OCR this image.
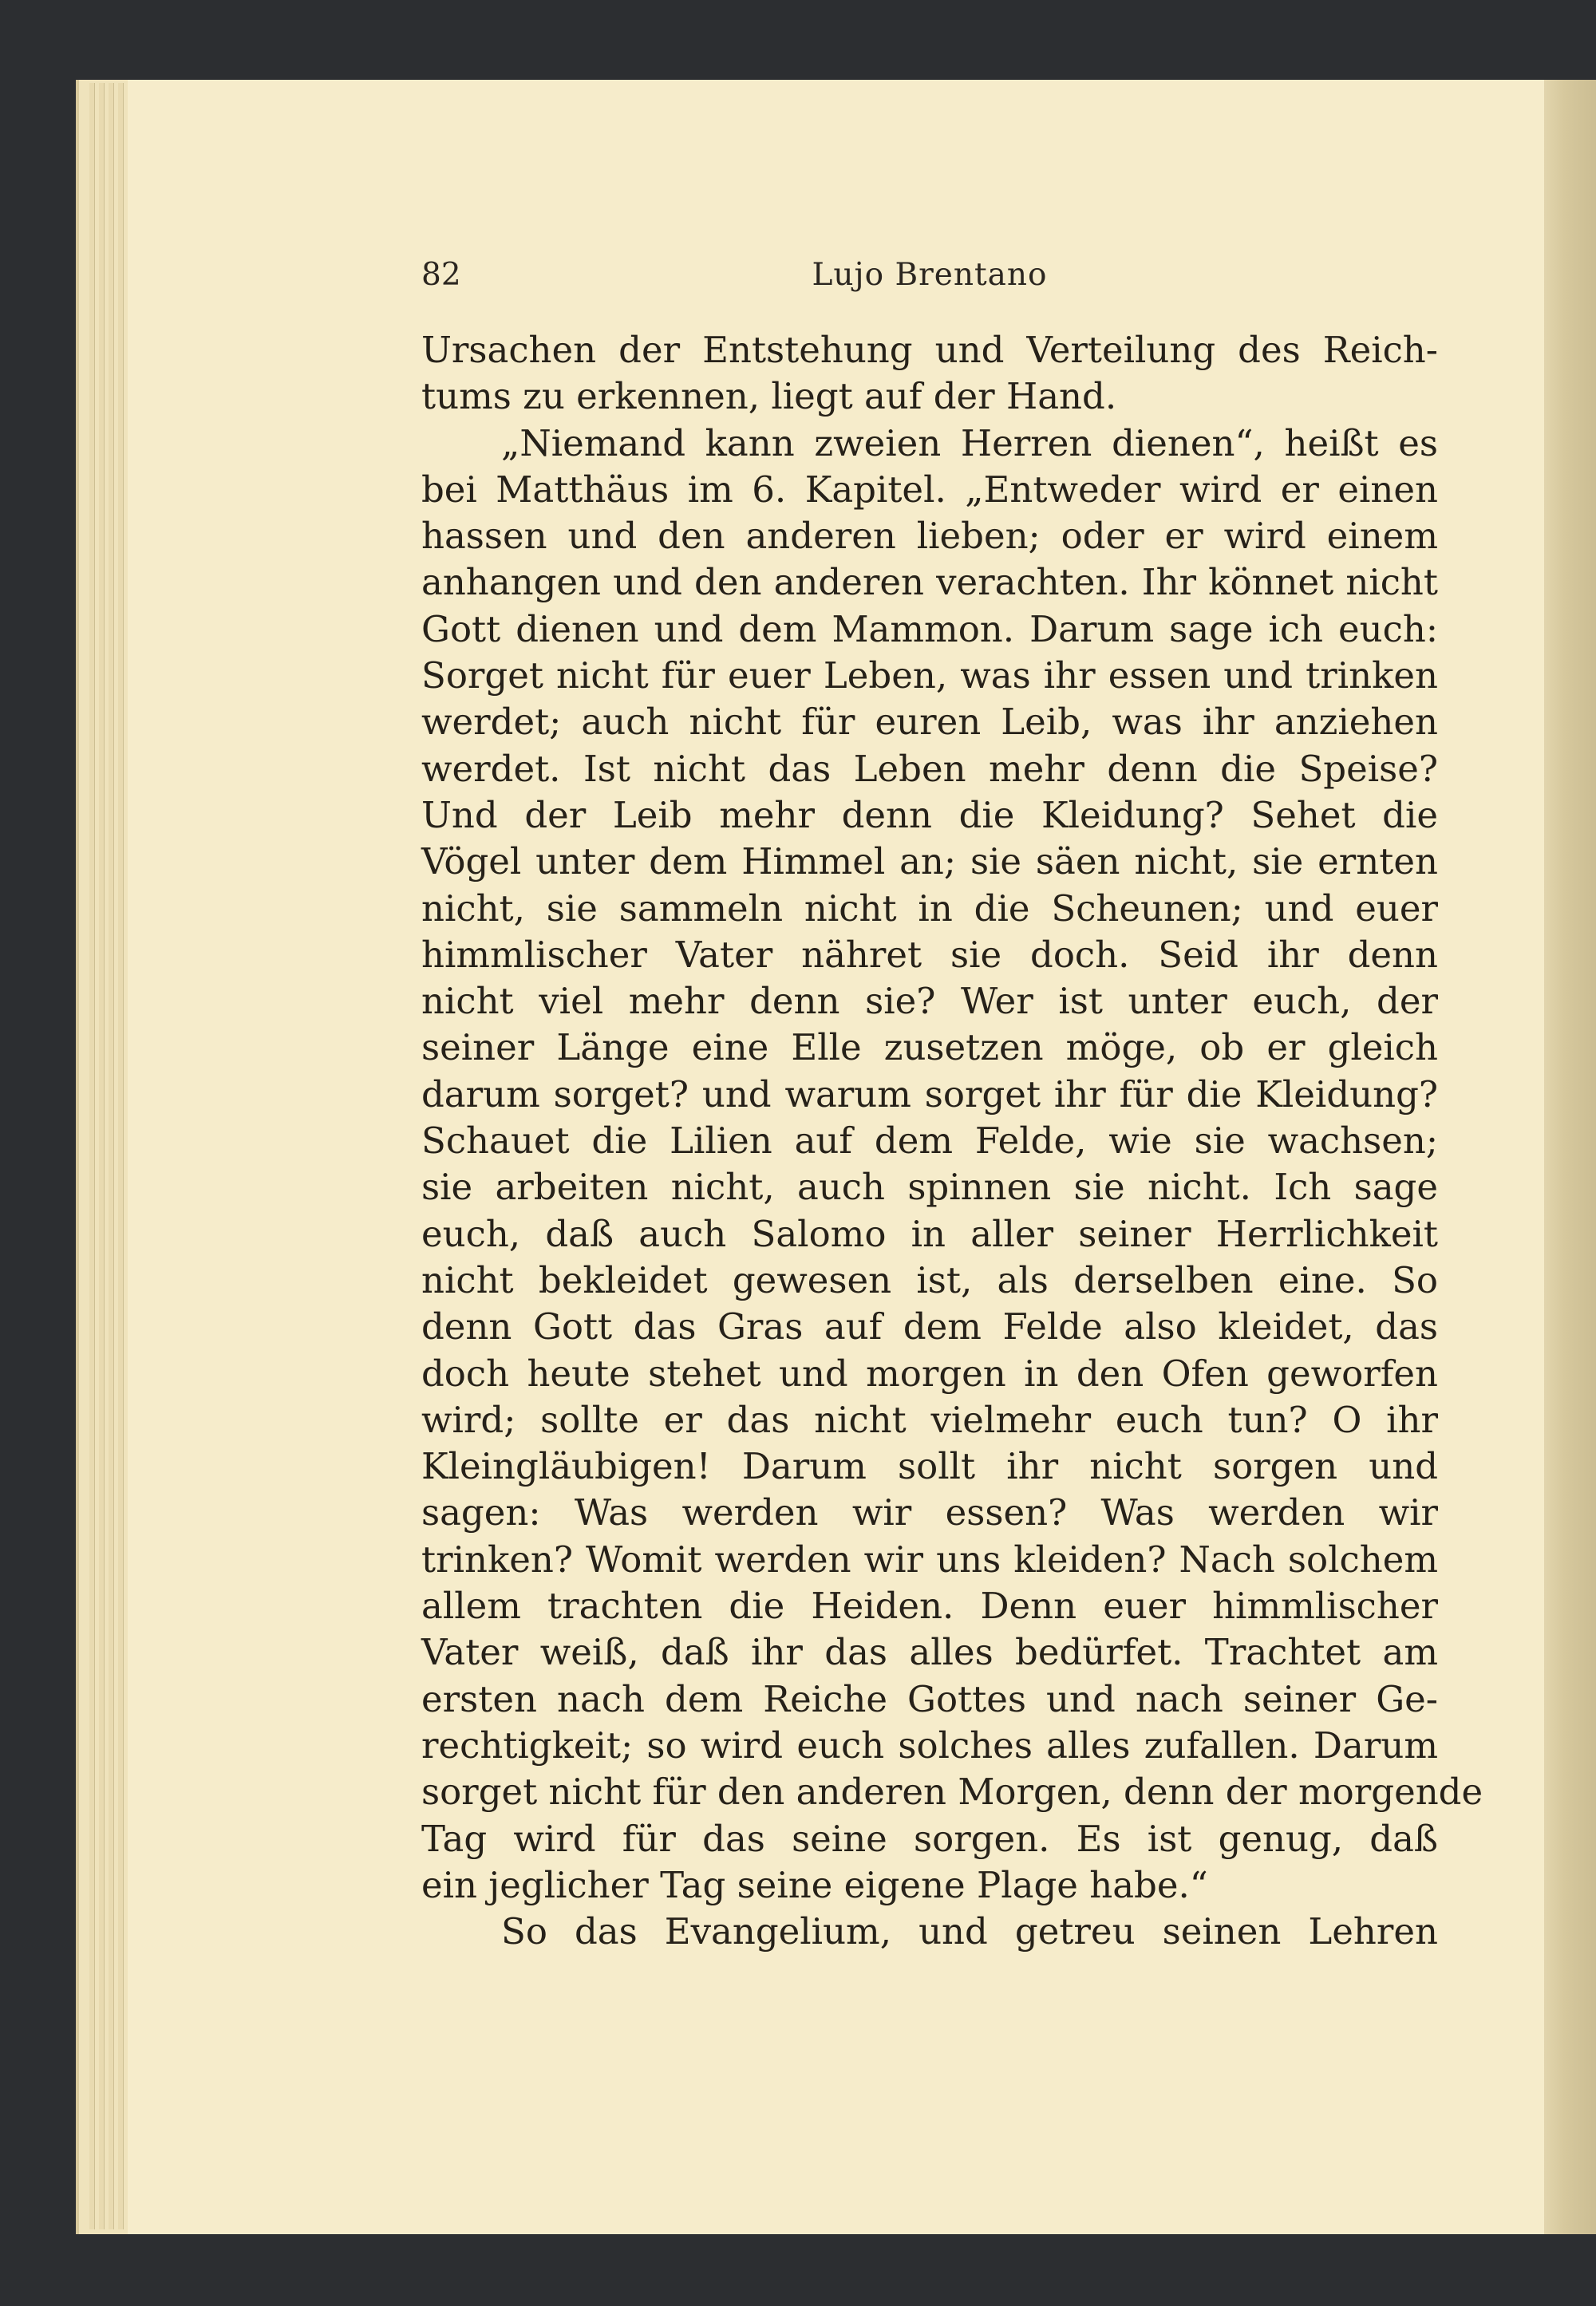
82	Lujo Brentano
Ursachen der Entstehung und Verteilung des Reich-
tums zu erkennen, liegt auf der Hand.
„Niemand kann zweien Herren dienen“, heißt es
bei Matthäus im 6. Kapitel. „Entweder wird er einen
hassen und den anderen lieben; oder er wird einem
anhangen und den anderen verachten. Ihr könnet nicht
Gott dienen und dem Mammon. Darum sage ich euch:
Sorget nicht für euer Leben, was ihr essen und trinken
werdet; auch nicht für euren Leib, was ihr anziehen
werdet. Ist nicht das Leben mehr denn die Speise?
Und der Leib mehr denn die Kleidung? Sehet die
Vögel unter dem Himmel an; sie säen nicht, sie ernten
nicht, sie sammeln nicht in die Scheunen; und euer
himmlischer Vater nähret sie doch. Seid ihr denn
nicht viel mehr denn sie? Wer ist unter euch, der
seiner Länge eine Elle zusetzen möge, ob er gleich
darum sorget? und warum sorget ihr für die Kleidung?
Schauet die Lilien auf dem Felde, wie sie wachsen;
sie arbeiten nicht, auch spinnen sie nicht. Ich sage
euch, daß auch Salomo in aller seiner Herrlichkeit
nicht bekleidet gewesen ist, als derselben eine. So
denn Gott das Gras auf dem Felde also kleidet, das
doch heute stehet und morgen in den Ofen geworfen
wird; sollte er das nicht vielmehr euch tun? O ihr
Kleingläubigen! Darum sollt ihr nicht sorgen und
sagen: Was werden wir essen? Was werden wir
trinken? Womit werden wir uns kleiden? Nach solchem
allem trachten die Heiden. Denn euer himmlischer
Vater weiß, daß ihr das alles bedürfet. Trachtet am
ersten nach dem Reiche Gottes und nach seiner Ge-
rechtigkeit; so wird euch solches alles zufallen. Darum
sorget nicht für den anderen Morgen, denn der morgende
Tag wird für das seine sorgen. Es ist genug, daß
ein jeglicher Tag seine eigene Plage habe.“
So das Evangelium, und getreu seinen Lehren
